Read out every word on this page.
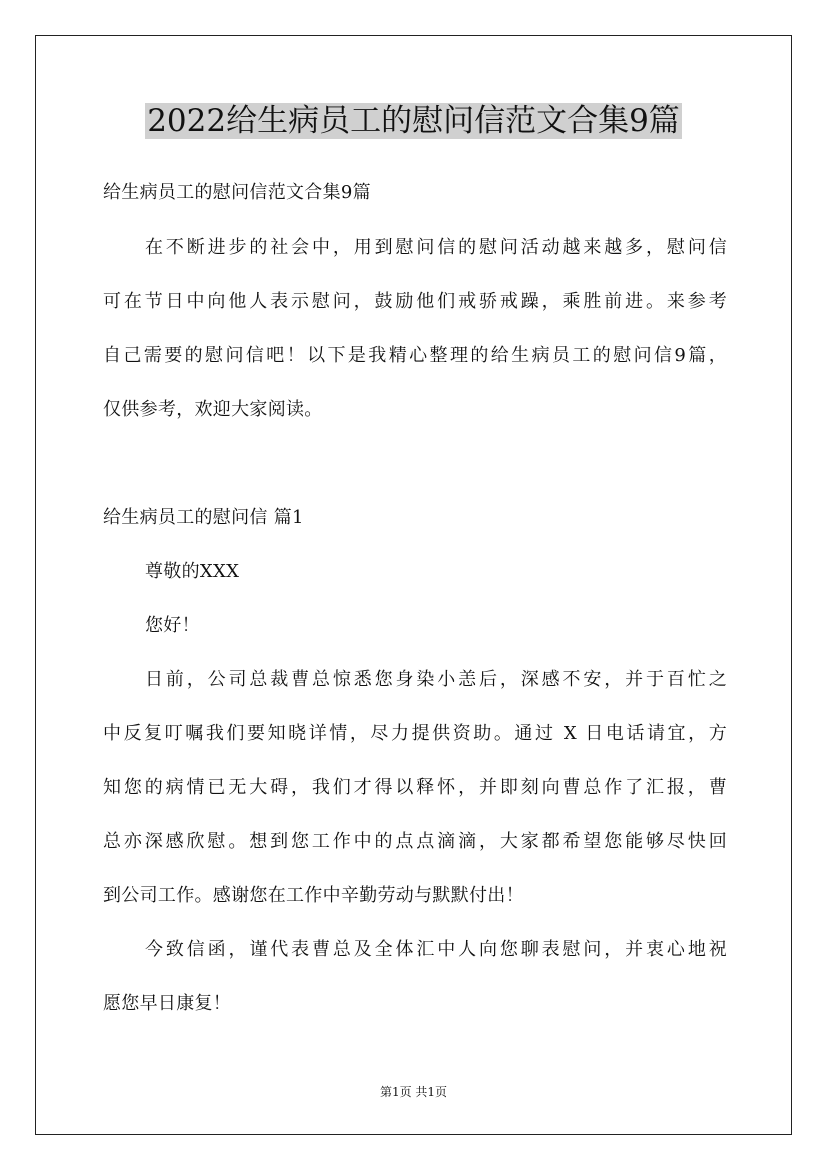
2022给生病员工的慰问信范文合集9篇
给生病员工的慰问信范文合集9篇
在不断进步的社会中，用到慰问信的慰问活动越来越多，慰问信
可在节日中向他人表示慰问，鼓励他们戒骄戒躁，乘胜前进。来参考
自己需要的慰问信吧！以下是我精心整理的给生病员工的慰问信9篇，
仅供参考，欢迎大家阅读。
给生病员工的慰问信 篇1
尊敬的XXX
您好！
日前，公司总裁曹总惊悉您身染小恙后，深感不安，并于百忙之
中反复叮嘱我们要知晓详情，尽力提供资助。通过 X 日电话请宜，方
知您的病情已无大碍，我们才得以释怀，并即刻向曹总作了汇报，曹
总亦深感欣慰。想到您工作中的点点滴滴，大家都希望您能够尽快回
到公司工作。感谢您在工作中辛勤劳动与默默付出！
今致信函，谨代表曹总及全体汇中人向您聊表慰问，并衷心地祝
愿您早日康复！
第1页 共1页
